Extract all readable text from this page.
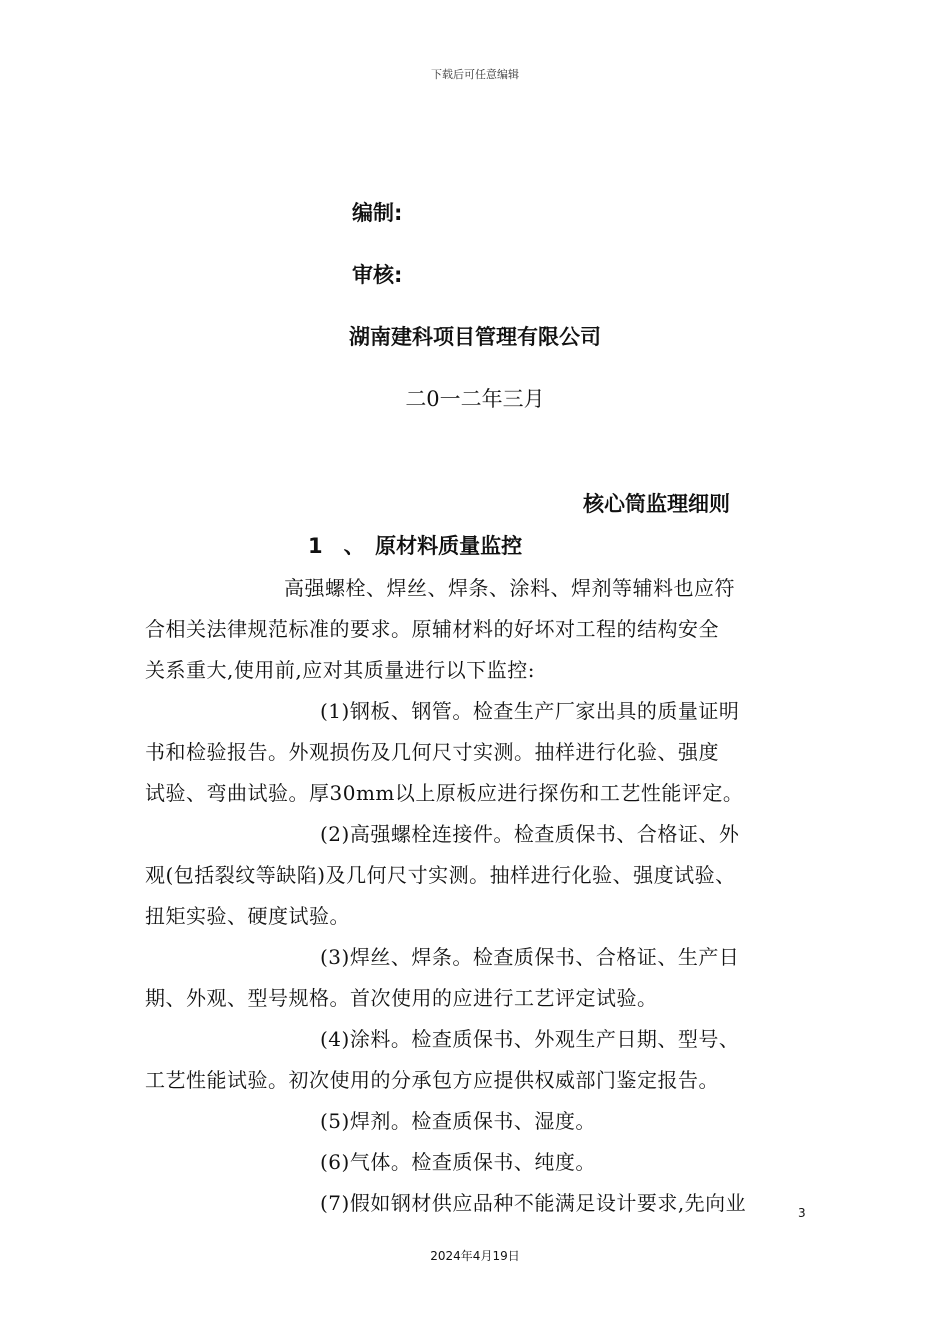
下载后可任意编辑
编制:
审核:
湖南建科项目管理有限公司
二0一二年三月
核心筒监理细则
1　、　原材料质量监控
高强螺栓、焊丝、焊条、涂料、焊剂等辅料也应符
合相关法律规范标准的要求。原辅材料的好坏对工程的结构安全
关系重大,使用前,应对其质量进行以下监控:
(1)钢板、钢管。检查生产厂家出具的质量证明
书和检验报告。外观损伤及几何尺寸实测。抽样进行化验、强度
试验、弯曲试验。厚30mm以上原板应进行探伤和工艺性能评定。
(2)高强螺栓连接件。检查质保书、合格证、外
观(包括裂纹等缺陷)及几何尺寸实测。抽样进行化验、强度试验、
扭矩实验、硬度试验。
(3)焊丝、焊条。检查质保书、合格证、生产日
期、外观、型号规格。首次使用的应进行工艺评定试验。
(4)涂料。检查质保书、外观生产日期、型号、
工艺性能试验。初次使用的分承包方应提供权威部门鉴定报告。
(5)焊剂。检查质保书、湿度。
(6)气体。检查质保书、纯度。
(7)假如钢材供应品种不能满足设计要求,先向业	3
2024年4月19日
